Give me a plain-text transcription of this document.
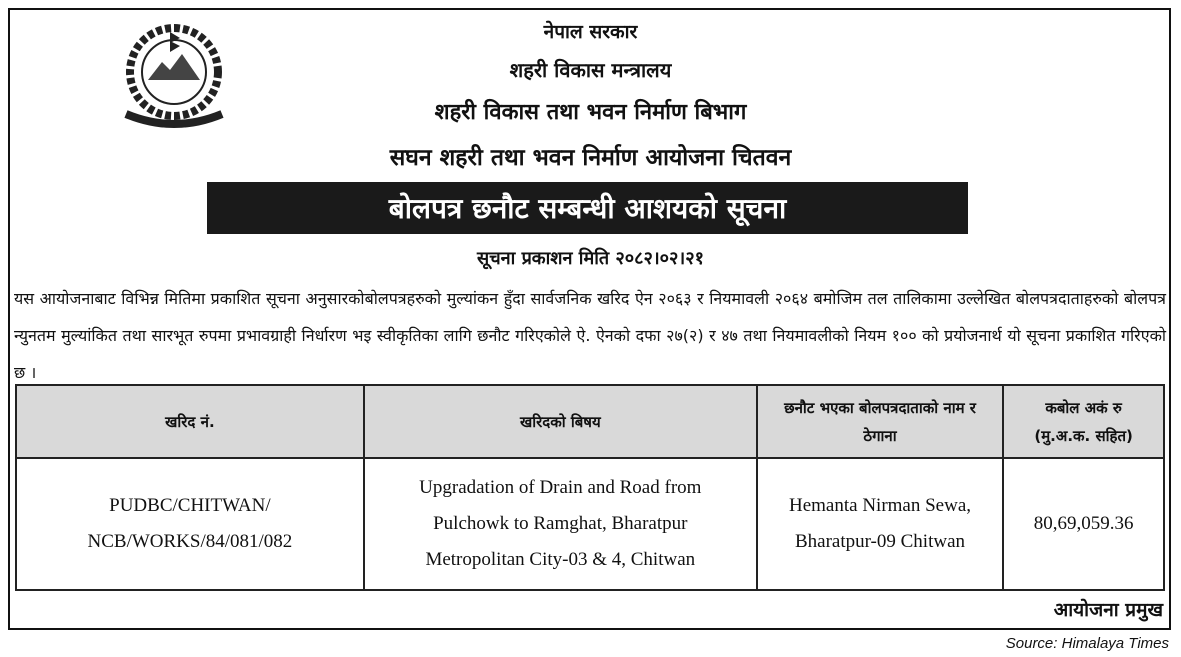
नेपाल सरकार
शहरी विकास मन्त्रालय
शहरी विकास तथा भवन निर्माण बिभाग
सघन शहरी तथा भवन निर्माण आयोजना चितवन
बोलपत्र छनौट सम्बन्धी आशयको सूचना
सूचना प्रकाशन मिति २०८२।०२।२१
यस आयोजनाबाट विभिन्न मितिमा प्रकाशित सूचना अनुसारकोबोलपत्रहरुको मुल्यांकन हुँदा सार्वजनिक खरिद ऐन २०६३ र नियमावली २०६४ बमोजिम तल तालिकामा उल्लेखित बोलपत्रदाताहरुको बोलपत्र न्युनतम मुल्यांकित तथा सारभूत रुपमा प्रभावग्राही निर्धारण भइ स्वीकृतिका लागि छनौट गरिएकोले ऐ. ऐनको दफा २७(२) र ४७ तथा नियमावलीको नियम १०० को प्रयोजनार्थ यो सूचना प्रकाशित गरिएको छ ।
खरिद नं.	खरिदको बिषय	छनौट भएका बोलपत्रदाताको नाम र ठेगाना	कबोल अकं रु (मु.अ.क. सहित)
PUDBC/CHITWAN/ NCB/WORKS/84/081/082	Upgradation of Drain and Road from Pulchowk to Ramghat, Bharatpur Metropolitan City-03 & 4, Chitwan	Hemanta Nirman Sewa, Bharatpur-09 Chitwan	80,69,059.36
आयोजना प्रमुख
Source: Himalaya Times
